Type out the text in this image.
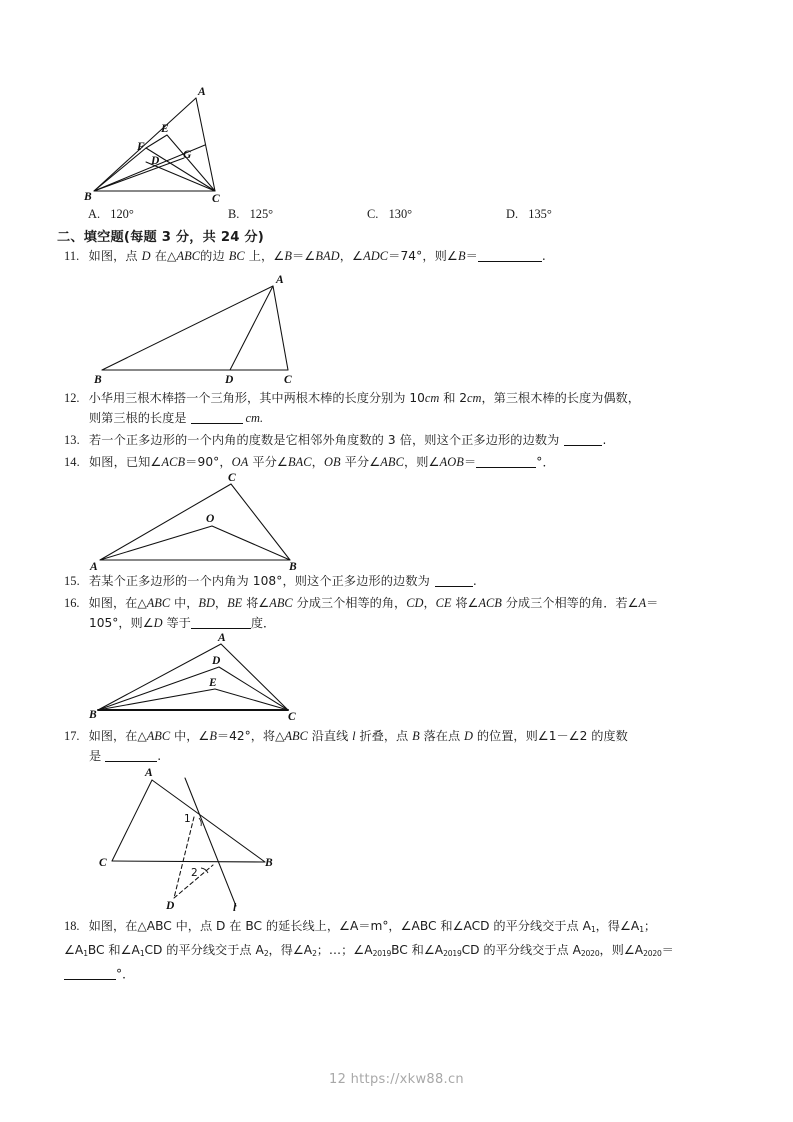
A
E
F
D G
B	C
A. 120°	B. 125°	C. 130°	D. 135°
二、填空题(每题 3 分，共 24 分)
11. 如图，点 D 在△ABC的边 BC 上，∠B＝∠BAD，∠ADC＝74°，则∠B＝	.
A
B	D	C
12. 小华用三根木棒搭一个三角形，其中两根木棒的长度分别为 10cm 和 2cm，第三根木棒的长度为偶数，
则第三根的长度是	cm.
13. 若一个正多边形的一个内角的度数是它相邻外角度数的 3 倍，则这个正多边形的边数为	.
14. 如图，已知∠ACB＝90°，OA 平分∠BAC，OB 平分∠ABC，则∠AOB＝	°．
C
O
A	B
15. 若某个正多边形的一个内角为 108°，则这个正多边形的边数为	.
16. 如图，在△ABC 中，BD，BE 将∠ABC 分成三个相等的角，CD，CE 将∠ACB 分成三个相等的角．若∠A＝
105°，则∠D 等于	度．
A
D
E
B	C
17. 如图，在△ABC 中，∠B＝42°，将△ABC 沿直线 l 折叠，点 B 落在点 D 的位置，则∠1－∠2 的度数
是	.
A
C	B
D	l
1
2
18. 如图，在△ABC 中，点 D 在 BC 的延长线上，∠A＝m°，∠ABC 和∠ACD 的平分线交于点 $A_1$，得$\angle A_1$；
$\angle A_1BC$ 和$\angle A_1CD$ 的平分线交于点 $A_2$，得$\angle A_2$；…；$\angle A_{2019}BC$ 和$\angle A_{2019}CD$ 的平分线交于点 $A_{2020}$，则$\angle A_{2020}=$
°．
12 https://xkw88.cn
